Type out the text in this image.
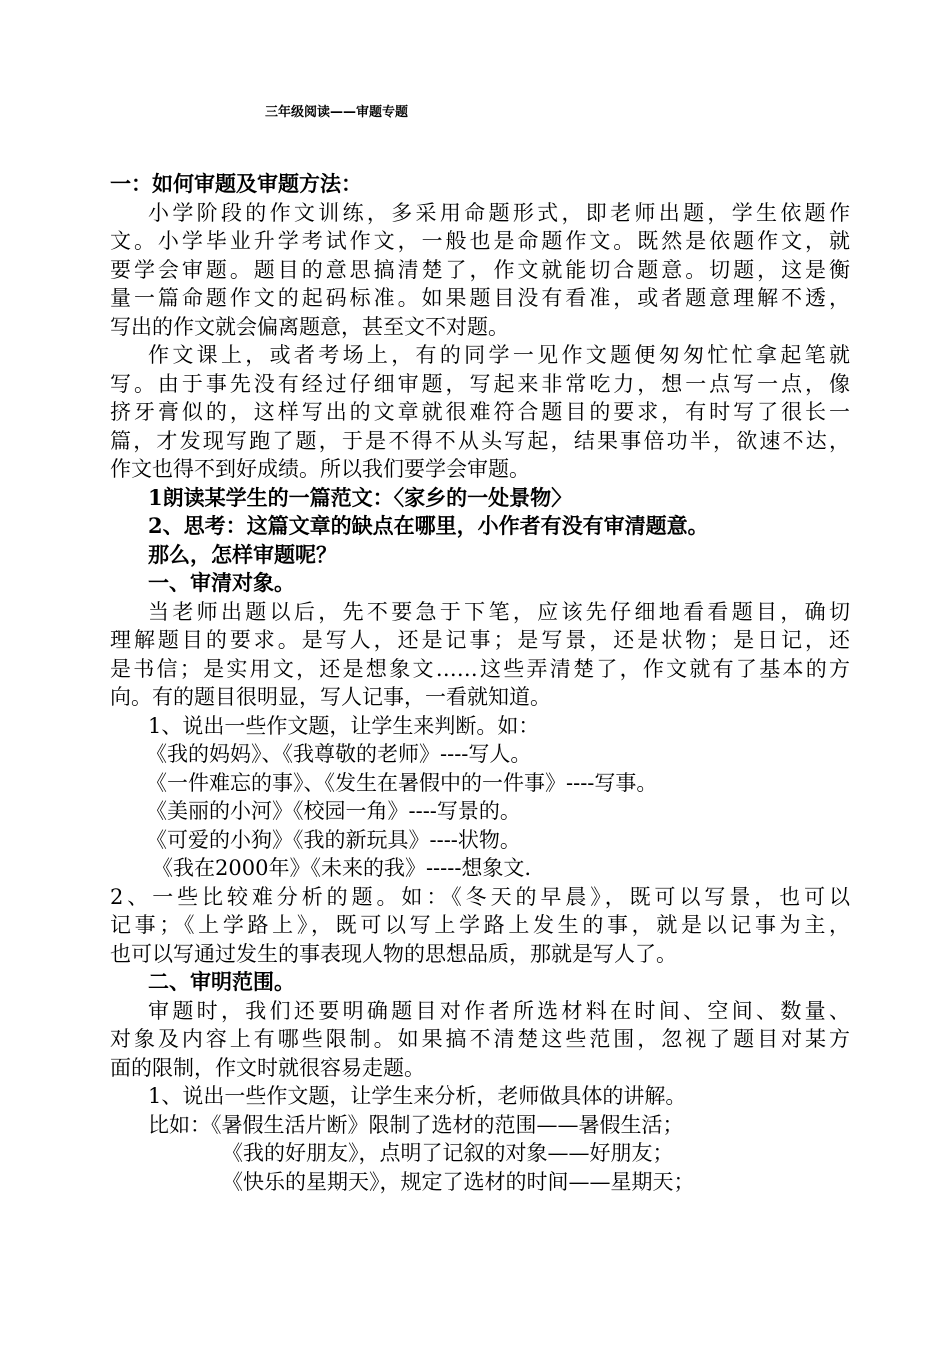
三年级阅读——审题专题
一：如何审题及审题方法：
小学阶段的作文训练，多采用命题形式，即老师出题，学生依题作
文。小学毕业升学考试作文，一般也是命题作文。既然是依题作文，就
要学会审题。题目的意思搞清楚了，作文就能切合题意。切题，这是衡
量一篇命题作文的起码标准。如果题目没有看准，或者题意理解不透，
写出的作文就会偏离题意，甚至文不对题。
作文课上，或者考场上，有的同学一见作文题便匆匆忙忙拿起笔就
写。由于事先没有经过仔细审题，写起来非常吃力，想一点写一点，像
挤牙膏似的，这样写出的文章就很难符合题目的要求，有时写了很长一
篇，才发现写跑了题，于是不得不从头写起，结果事倍功半，欲速不达，
作文也得不到好成绩。所以我们要学会审题。
1朗读某学生的一篇范文：〈家乡的一处景物〉
2、思考：这篇文章的缺点在哪里，小作者有没有审清题意。
那么，怎样审题呢？
一、审清对象。
当老师出题以后，先不要急于下笔，应该先仔细地看看题目，确切
理解题目的要求。是写人，还是记事；是写景，还是状物；是日记，还
是书信；是实用文，还是想象文……这些弄清楚了，作文就有了基本的方
向。有的题目很明显，写人记事，一看就知道。
1、说出一些作文题，让学生来判断。如：
《我的妈妈》、《我尊敬的老师》----写人。
《一件难忘的事》、《发生在暑假中的一件事》----写事。
《美丽的小河》《校园一角》----写景的。
《可爱的小狗》《我的新玩具》----状物。
《我在2000年》《未来的我》-----想象文.
2、一些比较难分析的题。如：《冬天的早晨》，既可以写景，也可以
记事；《上学路上》，既可以写上学路上发生的事，就是以记事为主，
也可以写通过发生的事表现人物的思想品质，那就是写人了。
二、审明范围。
审题时，我们还要明确题目对作者所选材料在时间、空间、数量、
对象及内容上有哪些限制。如果搞不清楚这些范围，忽视了题目对某方
面的限制，作文时就很容易走题。
1、说出一些作文题，让学生来分析，老师做具体的讲解。
比如：《暑假生活片断》限制了选材的范围——暑假生活；
《我的好朋友》，点明了记叙的对象——好朋友；
《快乐的星期天》，规定了选材的时间——星期天；
